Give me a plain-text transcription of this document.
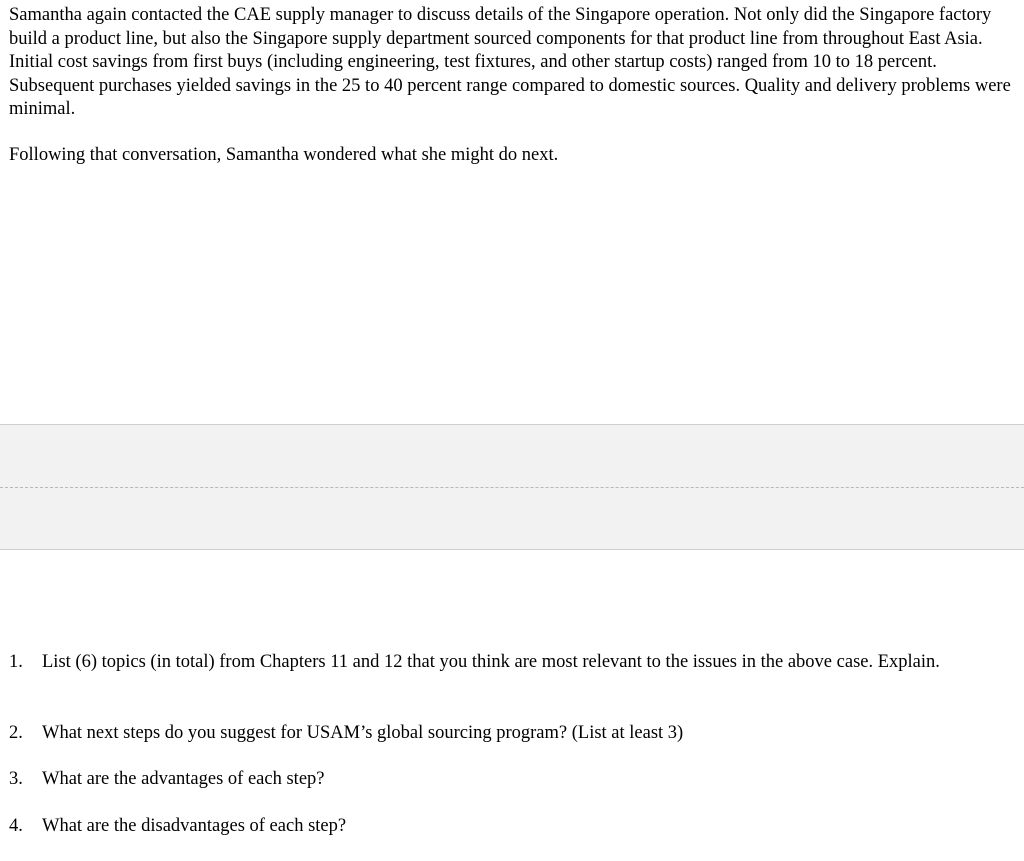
Samantha again contacted the CAE supply manager to discuss details of the Singapore operation. Not only did the Singapore factory build a product line, but also the Singapore supply department sourced components for that product line from throughout East Asia. Initial cost savings from first buys (including engineering, test fixtures, and other startup costs) ranged from 10 to 18 percent. Subsequent purchases yielded savings in the 25 to 40 percent range compared to domestic sources. Quality and delivery problems were minimal.

Following that conversation, Samantha wondered what she might do next.

1. List (6) topics (in total) from Chapters 11 and 12 that you think are most relevant to the issues in the above case. Explain.
2. What next steps do you suggest for USAM’s global sourcing program? (List at least 3)
3. What are the advantages of each step?
4. What are the disadvantages of each step?
